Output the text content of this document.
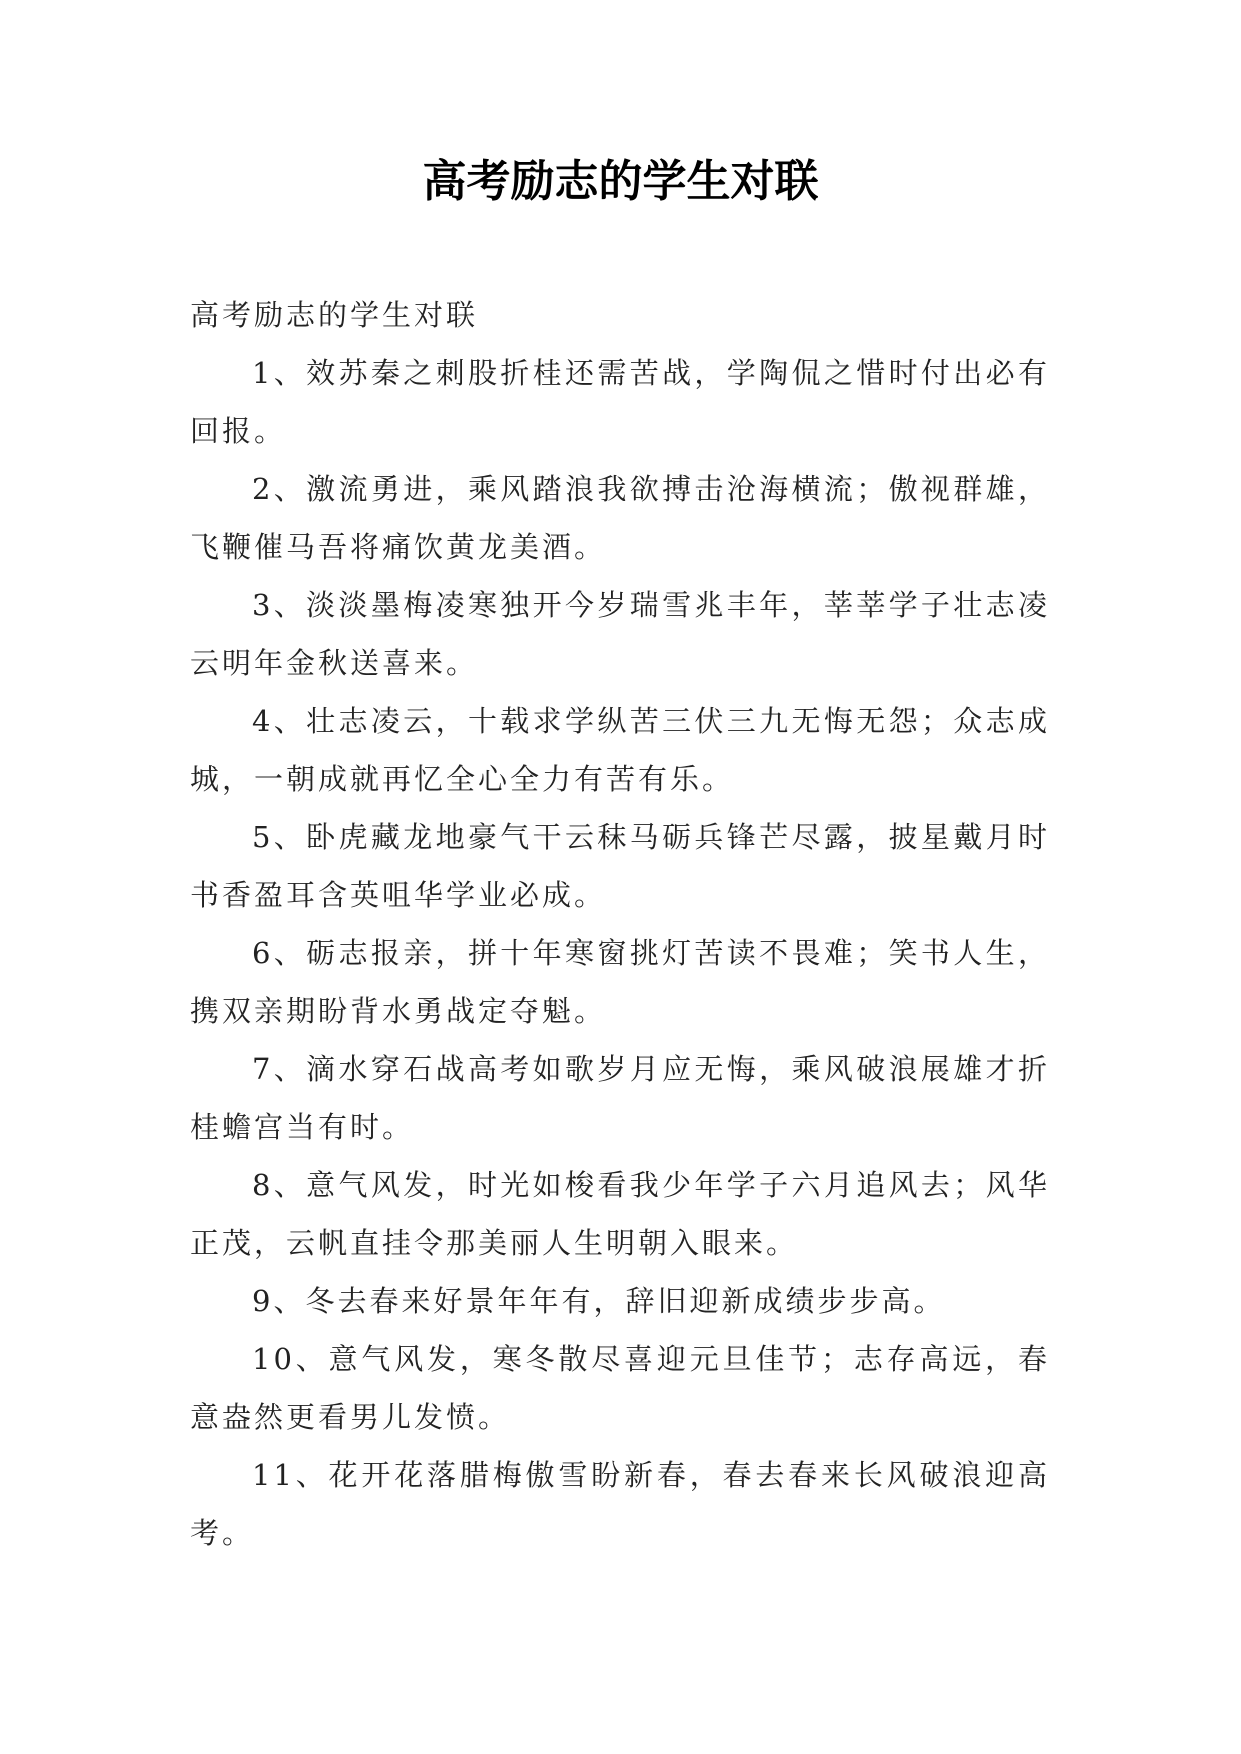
高考励志的学生对联

高考励志的学生对联

1、效苏秦之刺股折桂还需苦战，学陶侃之惜时付出必有回报。

2、激流勇进，乘风踏浪我欲搏击沧海横流；傲视群雄，飞鞭催马吾将痛饮黄龙美酒。

3、淡淡墨梅凌寒独开今岁瑞雪兆丰年，莘莘学子壮志凌云明年金秋送喜来。

4、壮志凌云，十载求学纵苦三伏三九无悔无怨；众志成城，一朝成就再忆全心全力有苦有乐。

5、卧虎藏龙地豪气干云秣马砺兵锋芒尽露，披星戴月时书香盈耳含英咀华学业必成。

6、砺志报亲，拼十年寒窗挑灯苦读不畏难；笑书人生，携双亲期盼背水勇战定夺魁。

7、滴水穿石战高考如歌岁月应无悔，乘风破浪展雄才折桂蟾宫当有时。

8、意气风发，时光如梭看我少年学子六月追风去；风华正茂，云帆直挂令那美丽人生明朝入眼来。

9、冬去春来好景年年有，辞旧迎新成绩步步高。

10、意气风发，寒冬散尽喜迎元旦佳节；志存高远，春意盎然更看男儿发愤。

11、花开花落腊梅傲雪盼新春，春去春来长风破浪迎高考。
